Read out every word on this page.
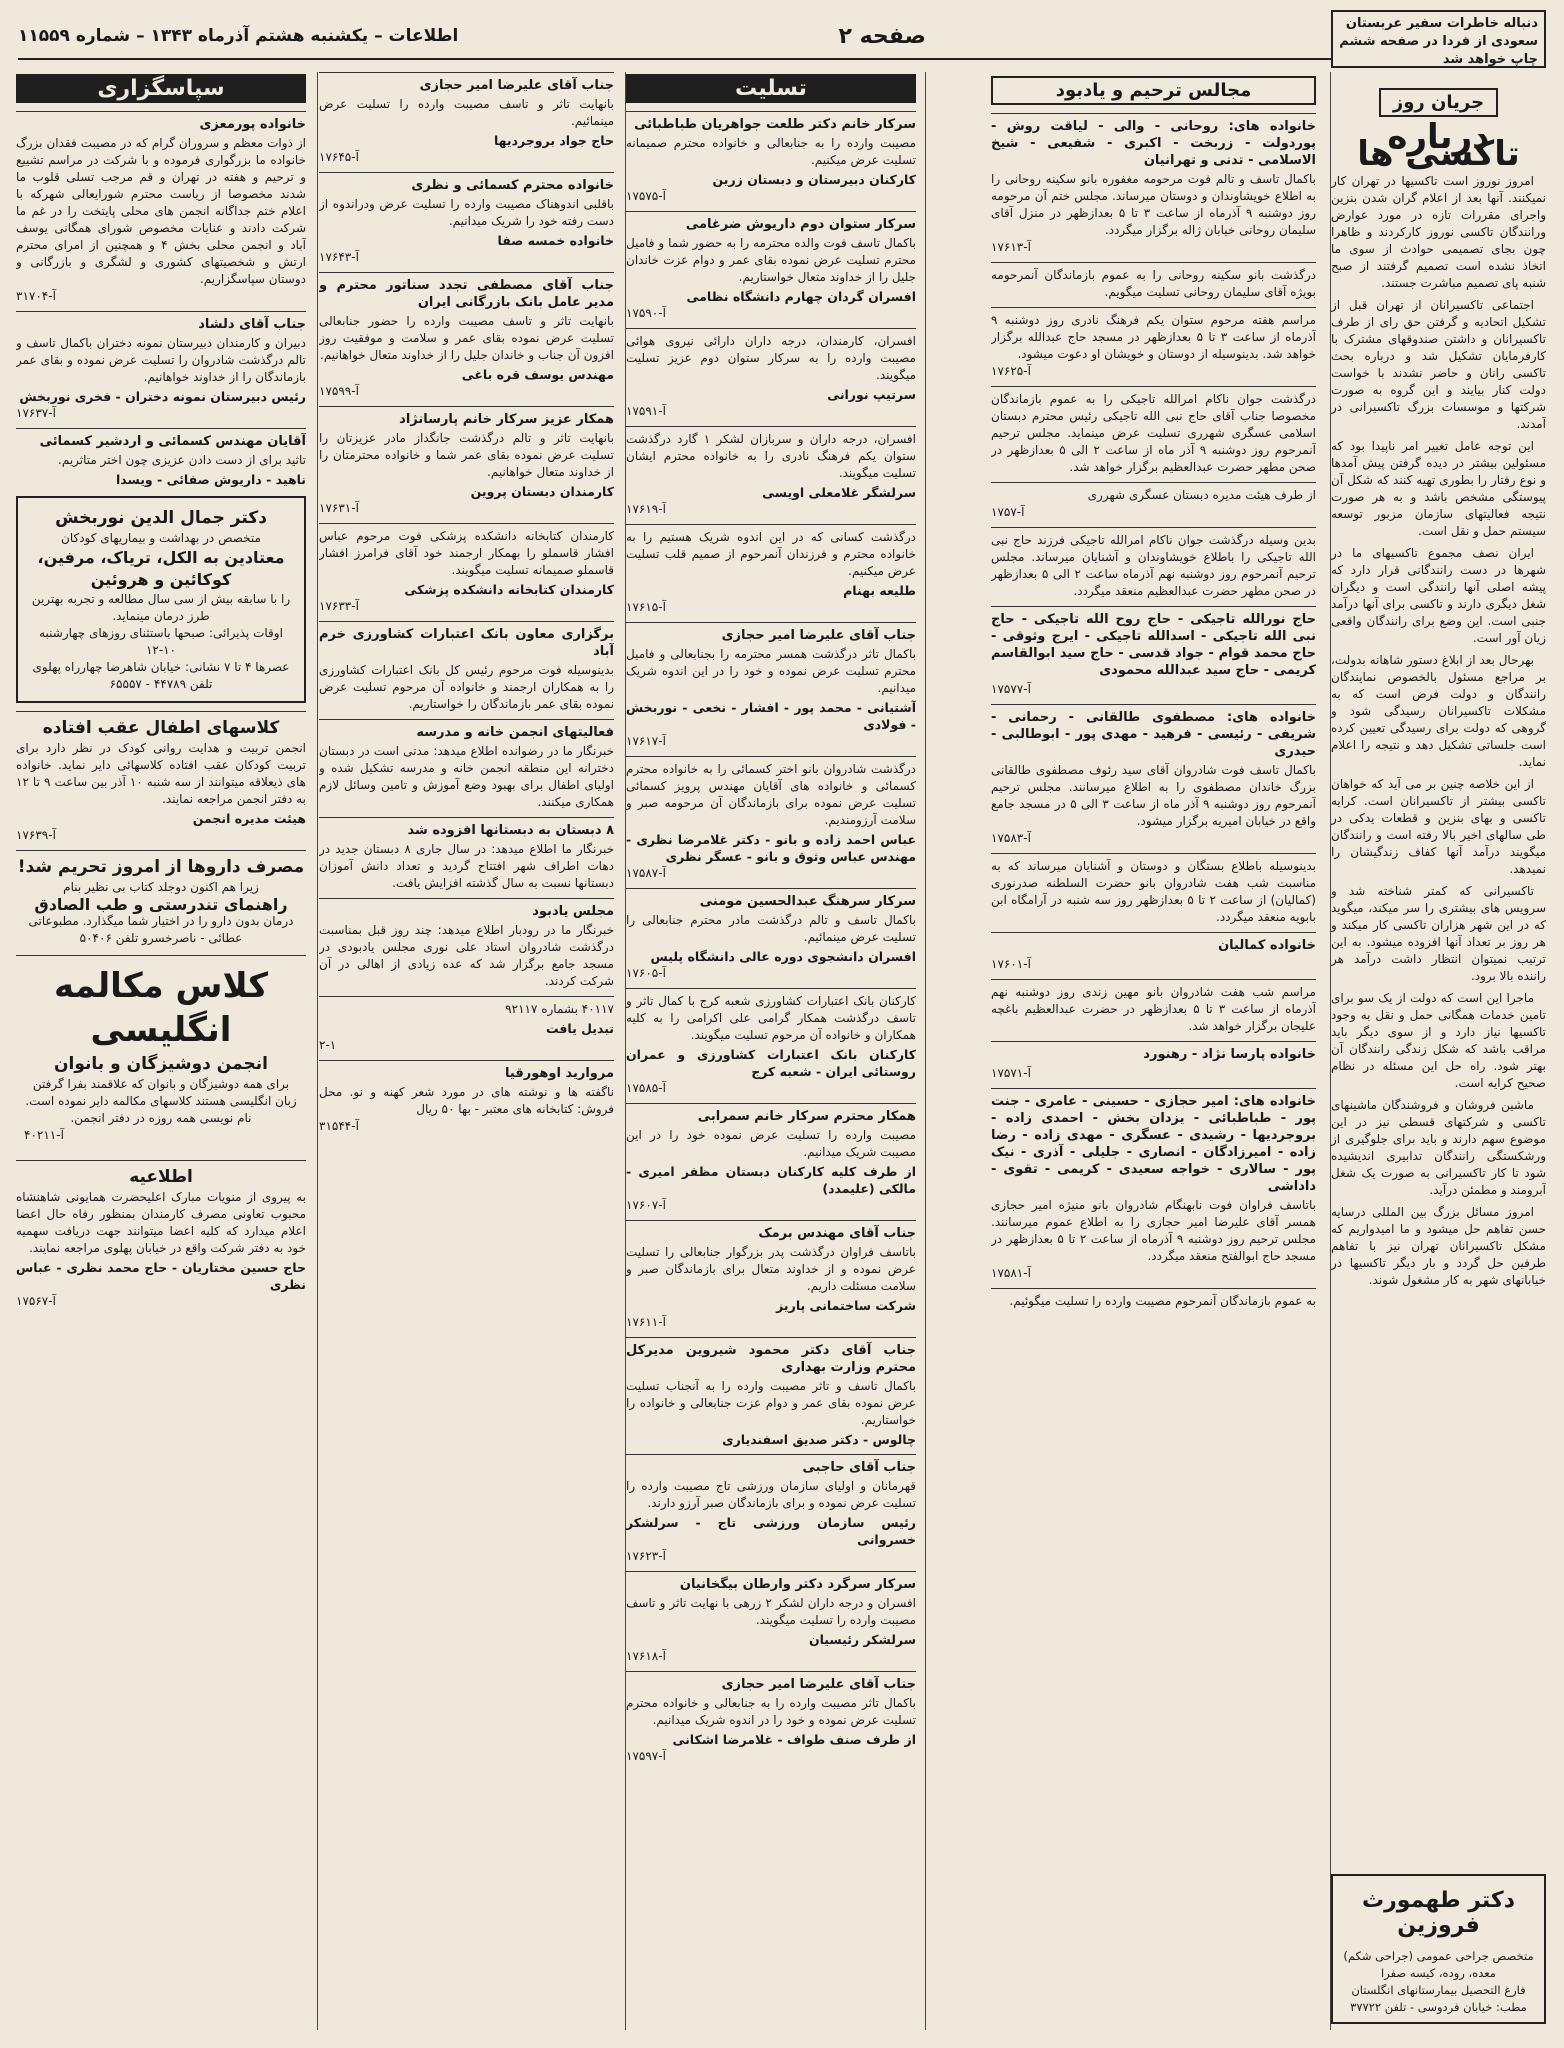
صفحه ۲
اطلاعات – یکشنبه هشتم آذرماه ۱۳۴۳ – شماره ۱۱۵۵۹
دنباله خاطرات سفیر عربستان سعودی از فردا در صفحه ششم چاپ خواهد شد
جریان روز
درباره تاکسی ها

امروز نوروز است تاکسیها در تهران کار نمیکنند. آنها بعد از اعلام گران شدن بنزین واجرای مقررات تازه در مورد عوارض ورانندگان تاکسی نوروز کارکردند و ظاهرا چون بجای تصمیمی حوادث از سوی ما اتخاذ نشده است تصمیم گرفتند از صبح شنبه پای تصمیم مباشرت جستند.

اجتماعی تاکسیرانان از تهران قبل از تشکیل اتحادیه و گرفتن حق رای از طرف تاکسیرانان و داشتن صندوقهای مشترک با کارفرمایان تشکیل شد و درباره بحث تاکسی رانان و حاضر نشدند با خواست دولت کنار بیایند و این گروه به صورت شرکتها و موسسات بزرگ تاکسیرانی در آمدند.

این توجه عامل تغییر امر ناپیدا بود که مسئولین بیشتر در دیده گرفتن پیش آمدها و نوع رفتار را بطوری تهیه کنند که شکل آن پیوستگی مشخص باشد و به هر صورت نتیجه فعالیتهای سازمان مزبور توسعه سیستم حمل و نقل است.

ایران نصف مجموع تاکسیهای ما در شهرها در دست رانندگانی قرار دارد که پیشه اصلی آنها رانندگی است و دیگران شغل دیگری دارند و تاکسی برای آنها درآمد جنبی است. این وضع برای رانندگان واقعی زیان آور است.

بهرحال بعد از ابلاغ دستور شاهانه بدولت، بر مراجع مسئول بالخصوص نمایندگان رانندگان و دولت فرض است که به مشکلات تاکسیرانان رسیدگی شود و گروهی که دولت برای رسیدگی تعیین کرده است جلساتی تشکیل دهد و نتیجه را اعلام نماید.

از این خلاصه چنین بر می آید که خواهان تاکسی بیشتر از تاکسیرانان است. کرایه تاکسی و بهای بنزین و قطعات یدکی در طی سالهای اخیر بالا رفته است و رانندگان میگویند درآمد آنها کفاف زندگیشان را نمیدهد.

تاکسیرانی که کمتر شناخته شد و سرویس های بیشتری را سر میکند، میگوید که در این شهر هزاران تاکسی کار میکند و هر روز بر تعداد آنها افزوده میشود. به این ترتیب نمیتوان انتظار داشت درآمد هر راننده بالا برود.

ماجرا این است که دولت از یک سو برای تامین خدمات همگانی حمل و نقل به وجود تاکسیها نیاز دارد و از سوی دیگر باید مراقب باشد که شکل زندگی رانندگان آن بهتر شود. راه حل این مسئله در نظام صحیح کرایه است.

ماشین فروشان و فروشندگان ماشینهای تاکسی و شرکتهای قسطی نیز در این موضوع سهم دارند و باید برای جلوگیری از ورشکستگی رانندگان تدابیری اندیشیده شود تا کار تاکسیرانی به صورت یک شغل آبرومند و مطمئن درآید.

امروز مسائل بزرگ بین المللی درسایه حسن تفاهم حل میشود و ما امیدواریم که مشکل تاکسیرانان تهران نیز با تفاهم طرفین حل گردد و بار دیگر تاکسیها در خیابانهای شهر به کار مشغول شوند.

دکتر طهمورث فروزین
متخصص جراحی عمومی (جراحی شکم) معده، روده، کیسه صفرا
فارغ التحصیل بیمارستانهای انگلستان
مطب: خیابان فردوسی - تلفن ۳۷۷۲۲
مجالس ترحیم و یادبود
خانواده های: روحانی - والی - لیاقت روش - پوردولت - زربخت - اکبری - شفیعی - شیخ الاسلامی - تدنی و تهرانیان
باکمال تاسف و تالم فوت مرحومه مغفوره بانو سکینه روحانی را به اطلاع خویشاوندان و دوستان میرساند. مجلس ختم آن مرحومه روز دوشنبه ۹ آذرماه از ساعت ۳ تا ۵ بعدازظهر در منزل آقای سلیمان روحانی خیابان ژاله برگزار میگردد.
آ-۱۷۶۱۳
درگذشت بانو سکینه روحانی را به عموم بازماندگان آنمرحومه بویژه آقای سلیمان روحانی تسلیت میگویم.
مراسم هفته مرحوم ستوان یکم فرهنگ نادری روز دوشنبه ۹ آذرماه از ساعت ۳ تا ۵ بعدازظهر در مسجد حاج عبدالله برگزار خواهد شد. بدینوسیله از دوستان و خویشان او دعوت میشود.
آ-۱۷۶۲۵
درگذشت جوان ناکام امرالله تاجیکی را به عموم بازماندگان مخصوصا جناب آقای حاج نبی الله تاجیکی رئیس محترم دبستان اسلامی عسگری شهرری تسلیت عرض مینماید. مجلس ترحیم آنمرحوم روز دوشنبه ۹ آذر ماه از ساعت ۲ الی ۵ بعدازظهر در صحن مطهر حضرت عبدالعظیم برگزار خواهد شد.
از طرف هیئت مدیره دبستان عسگری شهرری
آ-۱۷۵۷
بدین وسیله درگذشت جوان ناکام امرالله تاجیکی فرزند حاج نبی الله تاجیکی را باطلاع خویشاوندان و آشنایان میرساند. مجلس ترحیم آنمرحوم روز دوشنبه نهم آذرماه ساعت ۲ الی ۵ بعدازظهر در صحن مطهر حضرت عبدالعظیم منعقد میگردد.
حاج نورالله تاجیکی - حاج روح الله تاجیکی - حاج نبی الله تاجیکی - اسدالله تاجیکی - ایرج وثوقی - حاج محمد قوام - جواد قدسی - حاج سید ابوالقاسم کریمی - حاج سید عبدالله محمودی
آ-۱۷۵۷۷
خانواده های: مصطفوی طالقانی - رحمانی - شریفی - رئیسی - فرهید - مهدی پور - ابوطالبی - حیدری
باکمال تاسف فوت شادروان آقای سید رئوف مصطفوی طالقانی بزرگ خاندان مصطفوی را به اطلاع میرسانند. مجلس ترحیم آنمرحوم روز دوشنبه ۹ آذر ماه از ساعت ۳ الی ۵ در مسجد جامع واقع در خیابان امیریه برگزار میشود.
آ-۱۷۵۸۳
بدینوسیله باطلاع بستگان و دوستان و آشنایان میرساند که به مناسبت شب هفت شادروان بانو حضرت السلطنه صدرنوری (کمالیان) از ساعت ۲ تا ۵ بعدازظهر روز سه شنبه در آرامگاه ابن بابویه منعقد میگردد.
خانواده کمالیان
آ-۱۷۶۰۱
مراسم شب هفت شادروان بانو مهین زندی روز دوشنبه نهم آذرماه از ساعت ۳ تا ۵ بعدازظهر در حضرت عبدالعظیم باغچه علیجان برگزار خواهد شد.
خانواده پارسا نژاد - رهنورد
آ-۱۷۵۷۱
خانواده های: امیر حجازی - حسینی - عامری - جنت پور - طباطبائی - یزدان بخش - احمدی زاده - بروجردیها - رشیدی - عسگری - مهدی زاده - رضا زاده - امیرزادگان - انصاری - جلیلی - آذری - نیک پور - سالاری - خواجه سعیدی - کریمی - تقوی - داداشی
باتاسف فراوان فوت نابهنگام شادروان بانو منیژه امیر حجازی همسر آقای علیرضا امیر حجازی را به اطلاع عموم میرسانند. مجلس ترحیم روز دوشنبه ۹ آذرماه از ساعت ۲ تا ۵ بعدازظهر در مسجد حاج ابوالفتح منعقد میگردد.
آ-۱۷۵۸۱
به عموم بازماندگان آنمرحوم مصیبت وارده را تسلیت میگوئیم.
تسلیت
سرکار خانم دکتر طلعت جواهریان طباطبائی
مصیبت وارده را به جنابعالی و خانواده محترم صمیمانه تسلیت عرض میکنیم.
کارکنان دبیرستان و دبستان زرین
آ-۱۷۵۷۵
سرکار ستوان دوم داریوش ضرغامی
باکمال تاسف فوت والده محترمه را به حضور شما و فامیل محترم تسلیت عرض نموده بقای عمر و دوام عزت خاندان جلیل را از خداوند متعال خواستاریم.
افسران گردان چهارم دانشگاه نظامی
آ-۱۷۵۹۰
افسران، کارمندان، درجه داران دارائی نیروی هوائی مصیبت وارده را به سرکار ستوان دوم عزیز تسلیت میگویند.
سرتیپ نورانی
آ-۱۷۵۹۱
افسران، درجه داران و سربازان لشکر ۱ گارد درگذشت ستوان یکم فرهنگ نادری را به خانواده محترم ایشان تسلیت میگویند.
سرلشگر غلامعلی اویسی
آ-۱۷۶۱۹
درگذشت کسانی که در این اندوه شریک هستیم را به خانواده محترم و فرزندان آنمرحوم از صمیم قلب تسلیت عرض میکنیم.
طلیعه بهنام
آ-۱۷۶۱۵
جناب آقای علیرضا امیر حجازی
باکمال تاثر درگذشت همسر محترمه را بجنابعالی و فامیل محترم تسلیت عرض نموده و خود را در این اندوه شریک میدانیم.
آشتیانی - محمد پور - افشار - نخعی - نوربخش - فولادی
آ-۱۷۶۱۷
درگذشت شادروان بانو اختر کسمائی را به خانواده محترم کسمائی و خانواده های آقایان مهندس پرویز کسمائی تسلیت عرض نموده برای بازماندگان آن مرحومه صبر و سلامت آرزومندیم.
عباس احمد زاده و بانو - دکتر غلامرضا نظری - مهندس عباس وثوق و بانو - عسگر نظری
آ-۱۷۵۸۷
سرکار سرهنگ عبدالحسین مومنی
باکمال تاسف و تالم درگذشت مادر محترم جنابعالی را تسلیت عرض مینمائیم.
افسران دانشجوی دوره عالی دانشگاه پلیس
آ-۱۷۶۰۵
کارکنان بانک اعتبارات کشاورزی شعبه کرج با کمال تاثر و تاسف درگذشت همکار گرامی علی اکرامی را به کلیه همکاران و خانواده آن مرحوم تسلیت میگویند.
کارکنان بانک اعتبارات کشاورزی و عمران روستائی ایران - شعبه کرج
آ-۱۷۵۸۵
همکار محترم سرکار خانم سمرابی
مصیبت وارده را تسلیت عرض نموده خود را در این مصیبت شریک میدانیم.
از طرف کلیه کارکنان دبستان مظفر امیری - مالکی (علیمدد)
آ-۱۷۶۰۷
جناب آقای مهندس برمک
باتاسف فراوان درگذشت پدر بزرگوار جنابعالی را تسلیت عرض نموده و از خداوند متعال برای بازماندگان صبر و سلامت مسئلت داریم.
شرکت ساختمانی پاریز
آ-۱۷۶۱۱
جناب آقای دکتر محمود شیروین مدیرکل محترم وزارت بهداری
باکمال تاسف و تاثر مصیبت وارده را به آنجناب تسلیت عرض نموده بقای عمر و دوام عزت جنابعالی و خانواده را خواستاریم.
چالوس - دکتر صدیق اسفندیاری
جناب آقای حاجبی
قهرمانان و اولیای سازمان ورزشی تاج مصیبت وارده را تسلیت عرض نموده و برای بازماندگان صبر آرزو دارند.
رئیس سازمان ورزشی تاج - سرلشکر خسروانی
آ-۱۷۶۲۳
سرکار سرگرد دکتر وارطان بیگخانیان
افسران و درجه داران لشکر ۲ زرهی با نهایت تاثر و تاسف مصیبت وارده را تسلیت میگویند.
سرلشکر رئیسیان
آ-۱۷۶۱۸
جناب آقای علیرضا امیر حجازی
باکمال تاثر مصیبت وارده را به جنابعالی و خانواده محترم تسلیت عرض نموده و خود را در اندوه شریک میدانیم.
از طرف صنف طواف - غلامرضا اشکانی
آ-۱۷۵۹۷
جناب آقای علیرضا امیر حجازی
بانهایت تاثر و تاسف مصیبت وارده را تسلیت عرض مینمائیم.
حاج جواد بروجردیها
آ-۱۷۶۴۵
خانواده محترم کسمائی و نظری
باقلبی اندوهناک مصیبت وارده را تسلیت عرض ودراندوه از دست رفته خود را شریک میدانیم.
خانواده خمسه صفا
آ-۱۷۶۴۳
جناب آقای مصطفی تجدد سناتور محترم و مدیر عامل بانک بازرگانی ایران
بانهایت تاثر و تاسف مصیبت وارده را حضور جنابعالی تسلیت عرض نموده بقای عمر و سلامت و موفقیت روز افزون آن جناب و خاندان جلیل را از خداوند متعال خواهانیم.
مهندس یوسف قره باغی
آ-۱۷۵۹۹
همکار عزیز سرکار خانم پارسانژاد
بانهایت تاثر و تالم درگذشت جانگداز مادر عزیزتان را تسلیت عرض نموده بقای عمر شما و خانواده محترمتان را از خداوند متعال خواهانیم.
کارمندان دبستان پروین
آ-۱۷۶۳۱
کارمندان کتابخانه دانشکده پزشکی فوت مرحوم عباس افشار قاسملو را بهمکار ارجمند خود آقای فرامرز افشار قاسملو صمیمانه تسلیت میگویند.
کارمندان کتابخانه دانشکده پزشکی
آ-۱۷۶۳۳
برگزاری معاون بانک اعتبارات کشاورزی خرم آباد
بدینوسیله فوت مرحوم رئیس کل بانک اعتبارات کشاورزی را به همکاران ارجمند و خانواده آن مرحوم تسلیت عرض نموده بقای عمر بازماندگان را خواستاریم.
فعالیتهای انجمن خانه و مدرسه
خبرنگار ما در رضوانده اطلاع میدهد: مدتی است در دبستان دخترانه این منطقه انجمن خانه و مدرسه تشکیل شده و اولیای اطفال برای بهبود وضع آموزش و تامین وسائل لازم همکاری میکنند.
۸ دبستان به دبستانها افزوده شد
خبرنگار ما اطلاع میدهد: در سال جاری ۸ دبستان جدید در دهات اطراف شهر افتتاح گردید و تعداد دانش آموزان دبستانها نسبت به سال گذشته افزایش یافت.
مجلس یادبود
خبرنگار ما در رودبار اطلاع میدهد: چند روز قبل بمناسبت درگذشت شادروان استاد علی نوری مجلس یادبودی در مسجد جامع برگزار شد که عده زیادی از اهالی در آن شرکت کردند.
۴۰۱۱۷ بشماره ۹۲۱۱۷
تبدیل یافت
۲-۱
مروارید اوهورقیا
ناگفته ها و نوشته های در مورد شعر کهنه و نو. محل فروش: کتابخانه های معتبر - بها ۵۰ ریال
آ-۳۱۵۴۴
سپاسگزاری
خانواده پورمعزی
از ذوات معظم و سروران گرام که در مصیبت فقدان بزرگ خانواده ما بزرگواری فرموده و با شرکت در مراسم تشییع و ترحیم و هفته در تهران و قم مرجب تسلی قلوب ما شدند مخصوصا از ریاست محترم شورایعالی شهرکه با اعلام ختم جداگانه انجمن های محلی پایتخت را در غم ما شرکت دادند و عنایات مخصوص شورای همگانی یوسف آباد و انجمن محلی بخش ۴ و همچنین از امرای محترم ارتش و شخصیتهای کشوری و لشگری و بازرگانی و دوستان سپاسگزاریم.
آ-۳۱۷۰۴
جناب آقای دلشاد
دبیران و کارمندان دبیرستان نمونه دختران باکمال تاسف و تالم درگذشت شادروان را تسلیت عرض نموده و بقای عمر بازماندگان را از خداوند خواهانیم.
رئیس دبیرستان نمونه دختران - فخری نوربخش
آ-۱۷۶۳۷
آقایان مهندس کسمائی و اردشیر کسمائی
تاثید برای از دست دادن عزیزی چون اختر متاثریم.
ناهید - داریوش صفائی - ویسدا
دکتر جمال الدین نوربخش
متخصص در بهداشت و بیماریهای کودکان
معتادین به الکل، تریاک، مرفین، کوکائین و هروئین
را با سابقه بیش از سی سال مطالعه و تجربه بهترین طرز درمان مینماید.
اوقات پذیرائی: صبحها باستثنای روزهای چهارشنبه ۱۰-۱۲
عصرها ۴ تا ۷ نشانی: خیابان شاهرضا چهارراه پهلوی
تلفن ۴۴۷۸۹ - ۶۵۵۵۷
کلاسهای اطفال عقب افتاده
انجمن تربیت و هدایت روانی کودک در نظر دارد برای تربیت کودکان عقب افتاده کلاسهائی دایر نماید. خانواده های ذیعلاقه میتوانند از سه شنبه ۱۰ آذر بین ساعت ۹ تا ۱۲ به دفتر انجمن مراجعه نمایند.
هیئت مدیره انجمن
آ-۱۷۶۳۹
مصرف داروها از امروز تحریم شد!
زیرا هم اکنون دوجلد کتاب بی نظیر بنام
راهنمای تندرستی و طب الصادق
درمان بدون دارو را در اختیار شما میگذارد. مطبوعاتی عطائی - ناصرخسرو تلفن ۵۰۴۰۶
کلاس مکالمه انگلیسی
انجمن دوشیزگان و بانوان
برای همه دوشیزگان و بانوان که علاقمند بفرا گرفتن زبان انگلیسی هستند کلاسهای مکالمه دایر نموده است. نام نویسی همه روزه در دفتر انجمن.
آ-۴۰۲۱۱
اطلاعیه
به پیروی از منویات مبارک اعلیحضرت همایونی شاهنشاه محبوب تعاونی مصرف کارمندان بمنظور رفاه حال اعضا اعلام میدارد که کلیه اعضا میتوانند جهت دریافت سهمیه خود به دفتر شرکت واقع در خیابان پهلوی مراجعه نمایند.
حاج حسین مختاریان - حاج محمد نظری - عباس نظری
آ-۱۷۵۶۷
